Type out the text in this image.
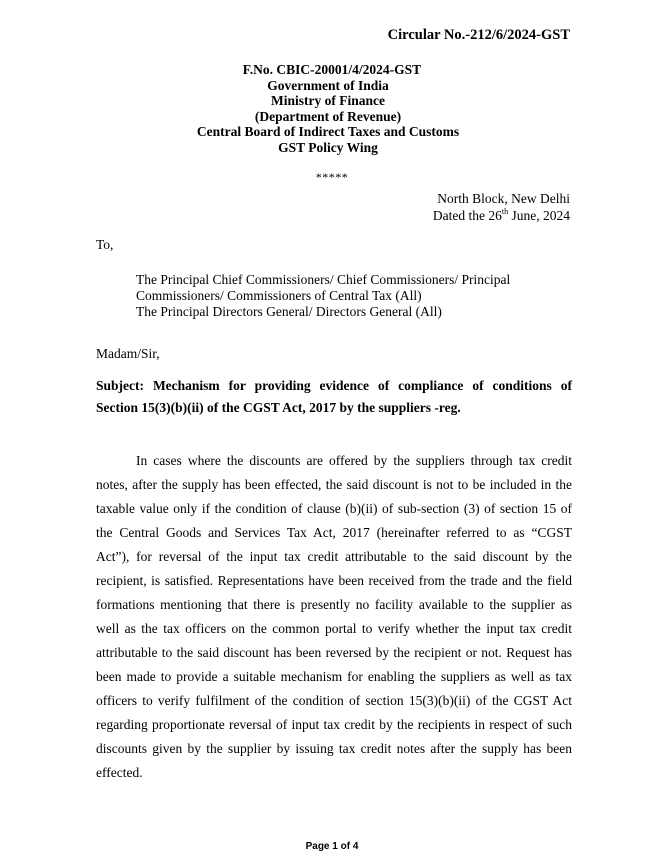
Circular No.-212/6/2024-GST
F.No. CBIC-20001/4/2024-GST
Government of India
Ministry of Finance
(Department of Revenue)
Central Board of Indirect Taxes and Customs
GST Policy Wing
*****
North Block, New Delhi
Dated the 26th June, 2024
To,
The Principal Chief Commissioners/ Chief Commissioners/ Principal
Commissioners/ Commissioners of Central Tax (All)
The Principal Directors General/ Directors General (All)
Madam/Sir,
Subject: Mechanism for providing evidence of compliance of conditions of
Section 15(3)(b)(ii) of the CGST Act, 2017 by the suppliers -reg.
In cases where the discounts are offered by the suppliers through tax credit
notes, after the supply has been effected, the said discount is not to be included in the
taxable value only if the condition of clause (b)(ii) of sub-section (3) of section 15 of
the Central Goods and Services Tax Act, 2017 (hereinafter referred to as “CGST
Act”), for reversal of the input tax credit attributable to the said discount by the
recipient, is satisfied. Representations have been received from the trade and the field
formations mentioning that there is presently no facility available to the supplier as
well as the tax officers on the common portal to verify whether the input tax credit
attributable to the said discount has been reversed by the recipient or not. Request has
been made to provide a suitable mechanism for enabling the suppliers as well as tax
officers to verify fulfilment of the condition of section 15(3)(b)(ii) of the CGST Act
regarding proportionate reversal of input tax credit by the recipients in respect of such
discounts given by the supplier by issuing tax credit notes after the supply has been
effected.
Page 1 of 4
